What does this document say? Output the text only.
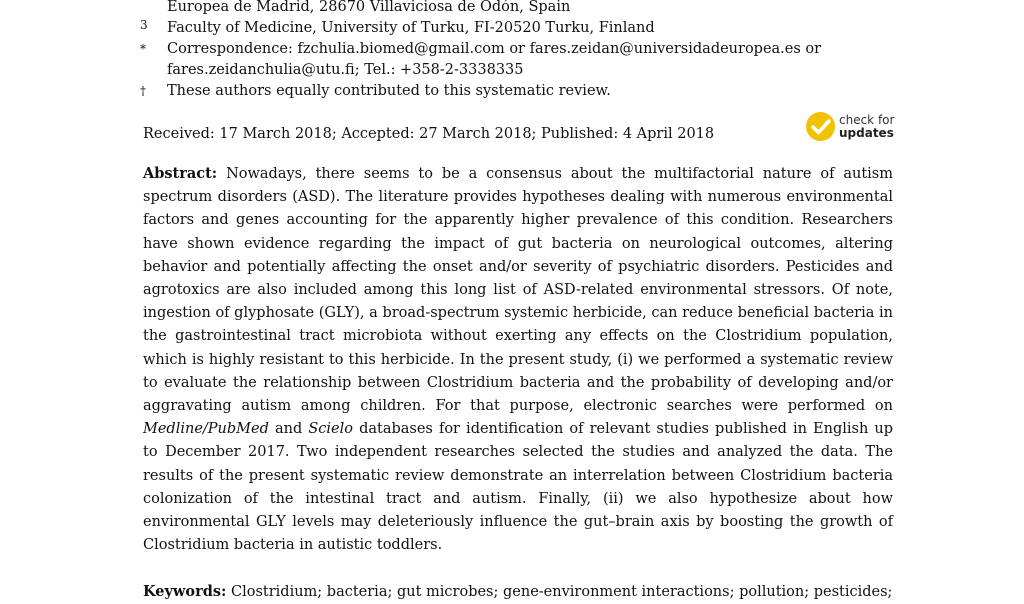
Europea de Madrid, 28670 Villaviciosa de Odón, Spain
3	Faculty of Medicine, University of Turku, FI-20520 Turku, Finland
*	Correspondence: fzchulia.biomed@gmail.com or fares.zeidan@universidadeuropea.es or
fares.zeidanchulia@utu.fi; Tel.: +358-2-3338335
†	These authors equally contributed to this systematic review.
Received: 17 March 2018; Accepted: 27 March 2018; Published: 4 April 2018
check for
updates

Abstract: Nowadays, there seems to be a consensus about the multifactorial nature of autism spectrum disorders (ASD). The literature provides hypotheses dealing with numerous environmental factors and genes accounting for the apparently higher prevalence of this condition. Researchers have shown evidence regarding the impact of gut bacteria on neurological outcomes, altering behavior and potentially affecting the onset and/or severity of psychiatric disorders. Pesticides and agrotoxics are also included among this long list of ASD-related environmental stressors. Of note, ingestion of glyphosate (GLY), a broad-spectrum systemic herbicide, can reduce beneficial bacteria in the gastrointestinal tract microbiota without exerting any effects on the Clostridium population, which is highly resistant to this herbicide. In the present study, (i) we performed a systematic review to evaluate the relationship between Clostridium bacteria and the probability of developing and/or aggravating autism among children. For that purpose, electronic searches were performed on Medline/PubMed and Scielo databases for identification of relevant studies published in English up to December 2017. Two independent researches selected the studies and analyzed the data. The results of the present systematic review demonstrate an interrelation between Clostridium bacteria colonization of the intestinal tract and autism. Finally, (ii) we also hypothesize about how environmental GLY levels may deleteriously influence the gut–brain axis by boosting the growth of Clostridium bacteria in autistic toddlers.

Keywords: Clostridium; bacteria; gut microbes; gene-environment interactions; pollution; pesticides;
